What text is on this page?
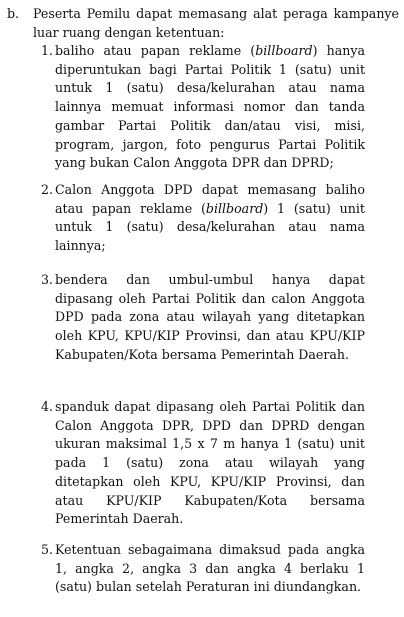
b. Peserta Pemilu dapat memasang alat peraga kampanye luar ruang dengan ketentuan:
1. baliho atau papan reklame (billboard) hanya diperuntukan bagi Partai Politik 1 (satu) unit untuk 1 (satu) desa/kelurahan atau nama lainnya memuat informasi nomor dan tanda gambar Partai Politik dan/atau visi, misi, program, jargon, foto pengurus Partai Politik yang bukan Calon Anggota DPR dan DPRD;
2. Calon Anggota DPD dapat memasang baliho atau papan reklame (billboard) 1 (satu) unit untuk 1 (satu) desa/kelurahan atau nama lainnya;
3. bendera dan umbul-umbul hanya dapat dipasang oleh Partai Politik dan calon Anggota DPD pada zona atau wilayah yang ditetapkan oleh KPU, KPU/KIP Provinsi, dan atau KPU/KIP Kabupaten/Kota bersama Pemerintah Daerah.
4. spanduk dapat dipasang oleh Partai Politik dan Calon Anggota DPR, DPD dan DPRD dengan ukuran maksimal 1,5 x 7 m hanya 1 (satu) unit pada 1 (satu) zona atau wilayah yang ditetapkan oleh KPU, KPU/KIP Provinsi, dan atau KPU/KIP Kabupaten/Kota bersama Pemerintah Daerah.
5. Ketentuan sebagaimana dimaksud pada angka 1, angka 2, angka 3 dan angka 4 berlaku 1 (satu) bulan setelah Peraturan ini diundangkan.
